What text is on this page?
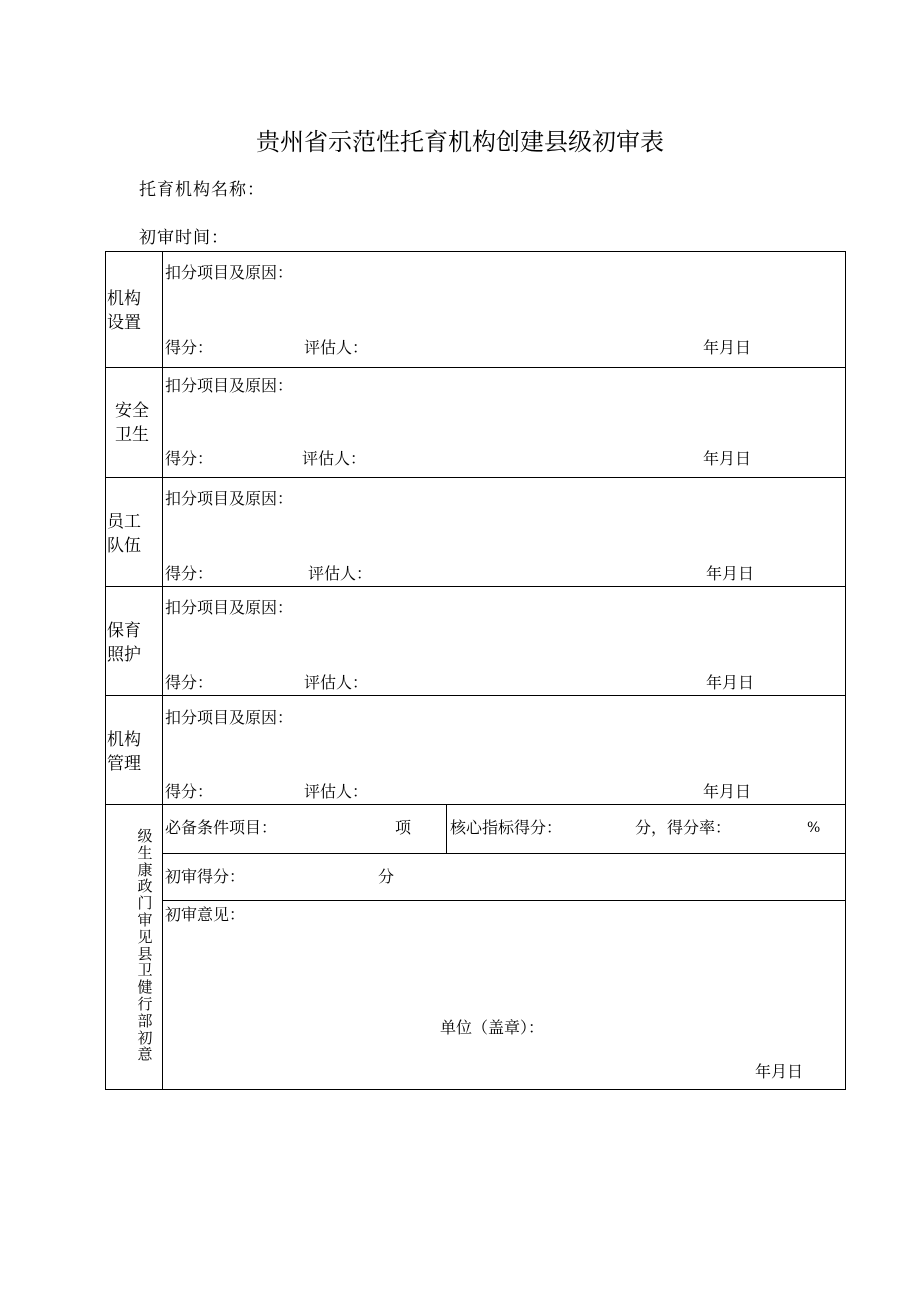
贵州省示范性托育机构创建县级初审表
托育机构名称：
初审时间：
机构
设置
扣分项目及原因：
得分：	评估人：	年月日
安全
卫生
扣分项目及原因：
得分：	评估人：	年月日
员工
队伍
扣分项目及原因：
得分：	评估人：	年月日
保育
照护
扣分项目及原因：
得分：	评估人：	年月日
机构
管理
扣分项目及原因：
得分：	评估人：	年月日
级生康政门审见县卫健行部初意
必备条件项目：	项 核心指标得分：	分，得分率：	%
初审得分：	分
初审意见：
单位（盖章）：
年月日
